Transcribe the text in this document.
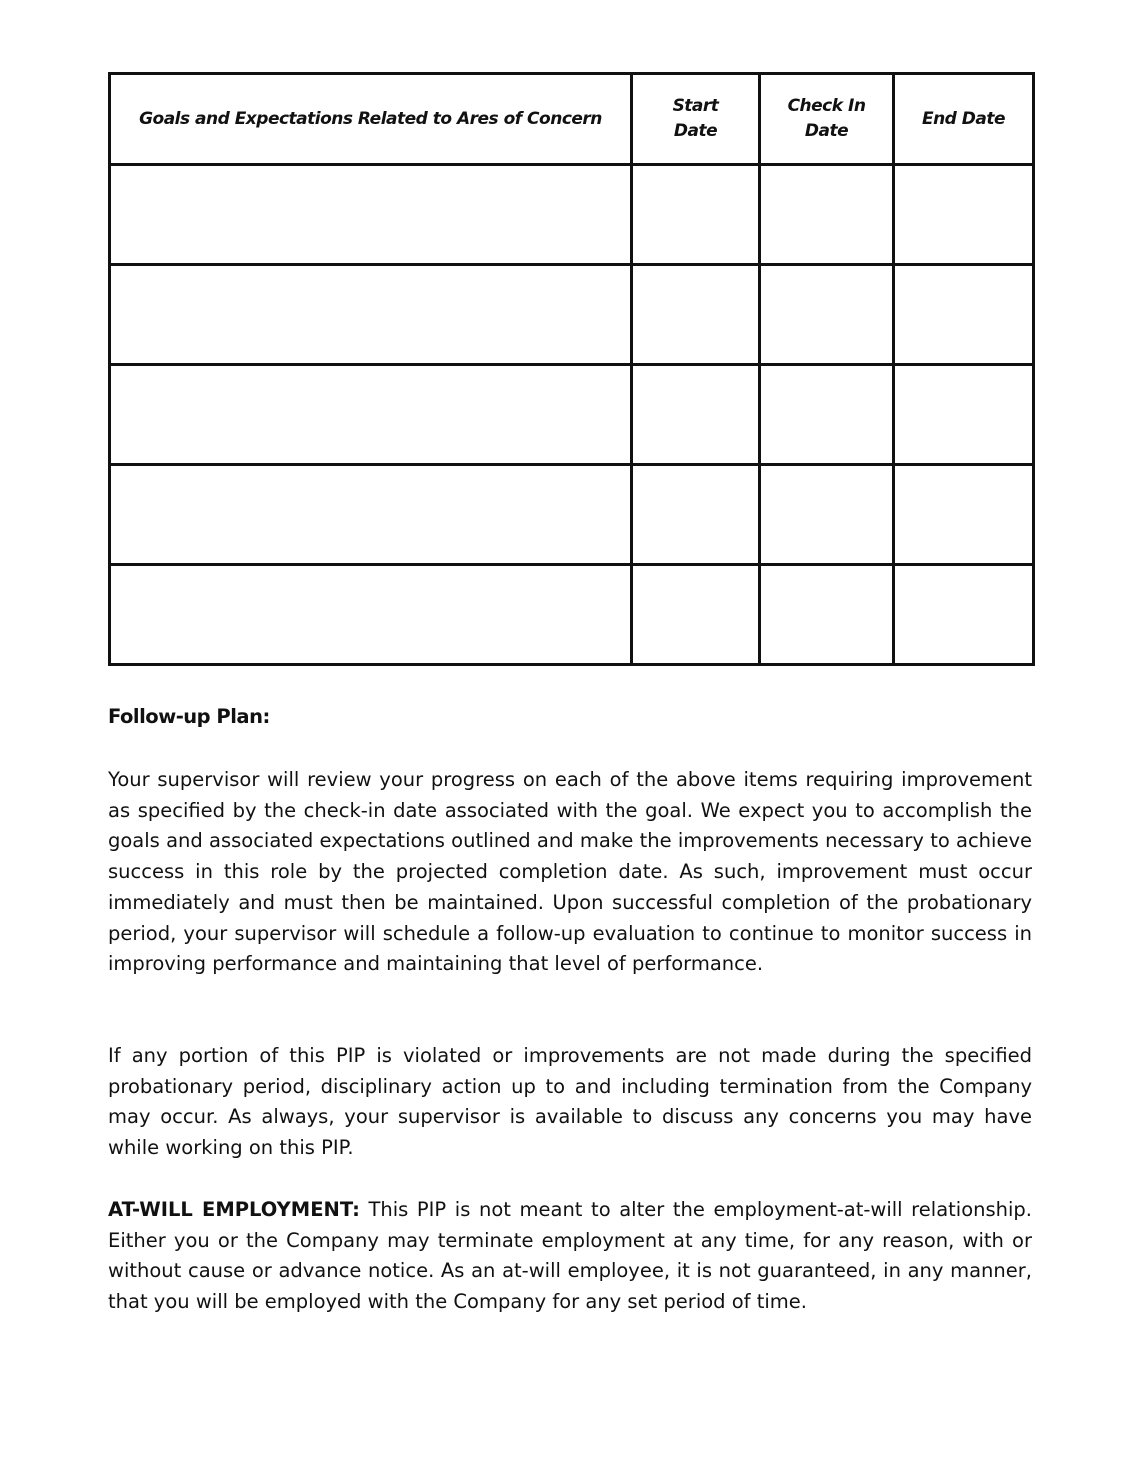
Goals and Expectations Related to Ares of Concern	Start Date	Check In Date	End Date

Follow-up Plan:

Your supervisor will review your progress on each of the above items requiring improvement as specified by the check-in date associated with the goal. We expect you to accomplish the goals and associated expectations outlined and make the improvements necessary to achieve success in this role by the projected completion date. As such, improvement must occur immediately and must then be maintained. Upon successful completion of the probationary period, your supervisor will schedule a follow-up evaluation to continue to monitor success in improving performance and maintaining that level of performance.

If any portion of this PIP is violated or improvements are not made during the specified probationary period, disciplinary action up to and including termination from the Company may occur. As always, your supervisor is available to discuss any concerns you may have while working on this PIP.

AT-WILL EMPLOYMENT: This PIP is not meant to alter the employment-at-will relationship. Either you or the Company may terminate employment at any time, for any reason, with or without cause or advance notice. As an at-will employee, it is not guaranteed, in any manner, that you will be employed with the Company for any set period of time.
